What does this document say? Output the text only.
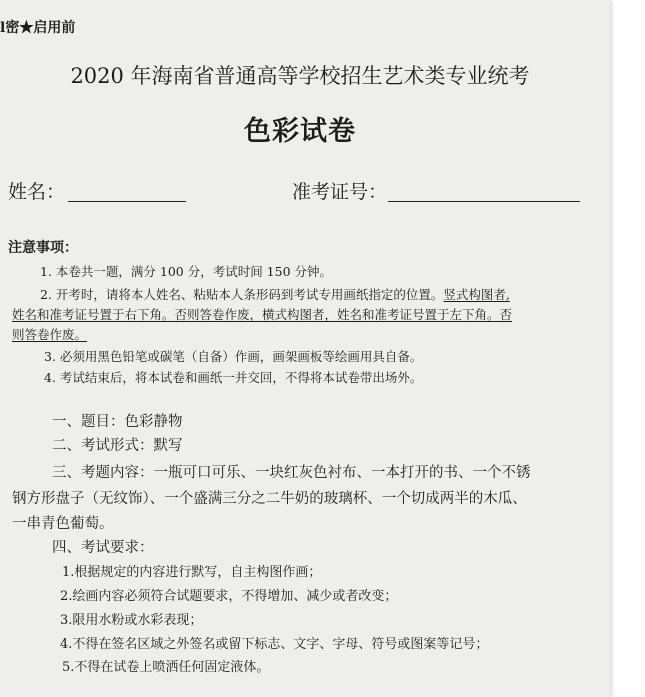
l密★启用前
2020 年海南省普通高等学校招生艺术类专业统考
色彩试卷
姓名：	准考证号：
注意事项：
1. 本卷共一题，满分 100 分，考试时间 150 分钟。
2. 开考时，请将本人姓名、粘贴本人条形码到考试专用画纸指定的位置。竖式构图者,
姓名和准考证号置于右下角。否则答卷作废，横式构图者，姓名和准考证号置于左下角。否
则答卷作废。
3. 必须用黑色铅笔或碳笔（自备）作画，画架画板等绘画用具自备。
4. 考试结束后，将本试卷和画纸一并交回，不得将本试卷带出场外。
一、题目：色彩静物
二、考试形式：默写
三、考题内容：一瓶可口可乐、一块红灰色衬布、一本打开的书、一个不锈
钢方形盘子（无纹饰）、一个盛满三分之二牛奶的玻璃杯、一个切成两半的木瓜、
一串青色葡萄。
四、考试要求：
1.根据规定的内容进行默写，自主构图作画；
2.绘画内容必须符合试题要求，不得增加、减少或者改变；
3.限用水粉或水彩表现；
4.不得在签名区域之外签名或留下标志、文字、字母、符号或图案等记号；
5.不得在试卷上喷洒任何固定液体。
